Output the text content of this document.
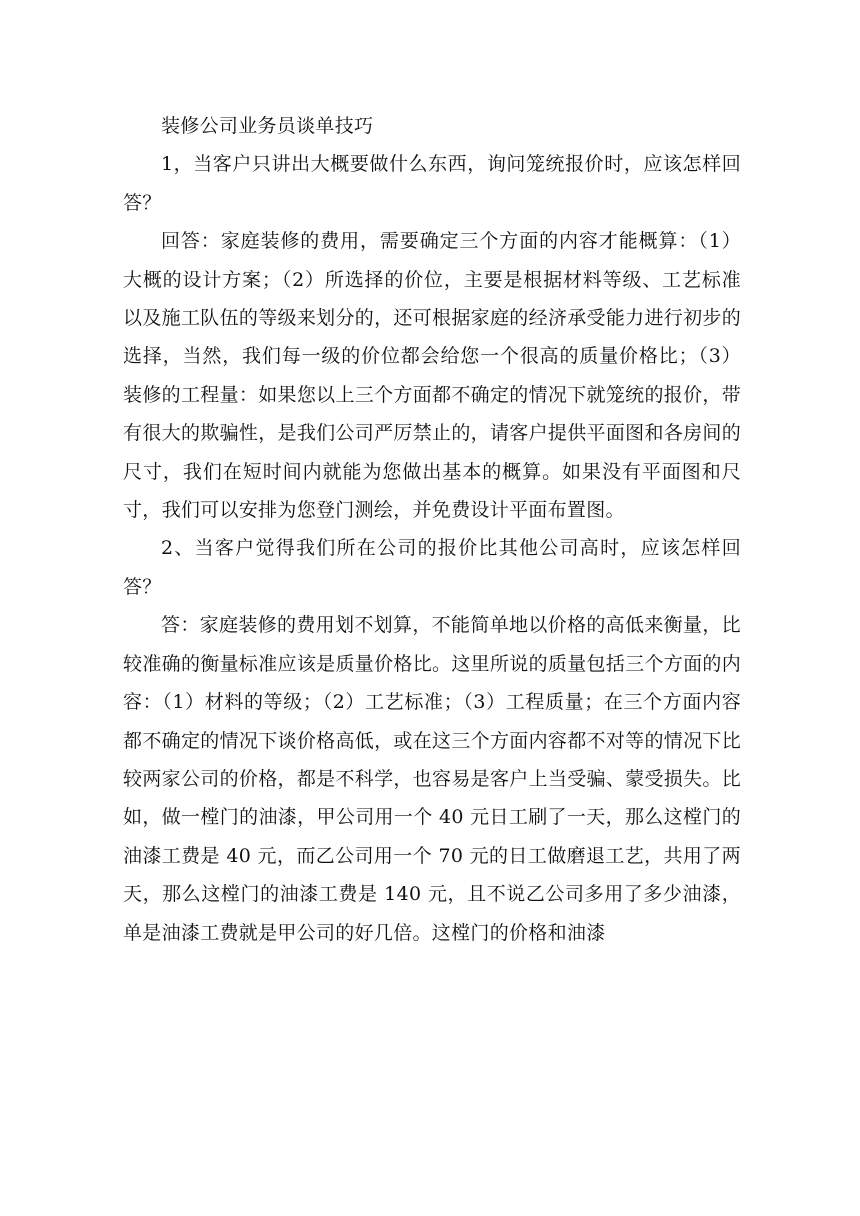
装修公司业务员谈单技巧

1，当客户只讲出大概要做什么东西，询问笼统报价时，应该怎样回答？

回答：家庭装修的费用，需要确定三个方面的内容才能概算：（1）大概的设计方案；（2）所选择的价位，主要是根据材料等级、工艺标准以及施工队伍的等级来划分的，还可根据家庭的经济承受能力进行初步的选择，当然，我们每一级的价位都会给您一个很高的质量价格比；（3）装修的工程量：如果您以上三个方面都不确定的情况下就笼统的报价，带有很大的欺骗性，是我们公司严厉禁止的，请客户提供平面图和各房间的尺寸，我们在短时间内就能为您做出基本的概算。如果没有平面图和尺寸，我们可以安排为您登门测绘，并免费设计平面布置图。

2、当客户觉得我们所在公司的报价比其他公司高时，应该怎样回答？

答：家庭装修的费用划不划算，不能简单地以价格的高低来衡量，比较准确的衡量标准应该是质量价格比。这里所说的质量包括三个方面的内容：（1）材料的等级；（2）工艺标准；（3）工程质量；在三个方面内容都不确定的情况下谈价格高低，或在这三个方面内容都不对等的情况下比较两家公司的价格，都是不科学，也容易是客户上当受骗、蒙受损失。比如，做一樘门的油漆，甲公司用一个 40 元日工刷了一天，那么这樘门的油漆工费是 40 元，而乙公司用一个 70 元的日工做磨退工艺，共用了两天，那么这樘门的油漆工费是 140 元，且不说乙公司多用了多少油漆，单是油漆工费就是甲公司的好几倍。这樘门的价格和油漆
